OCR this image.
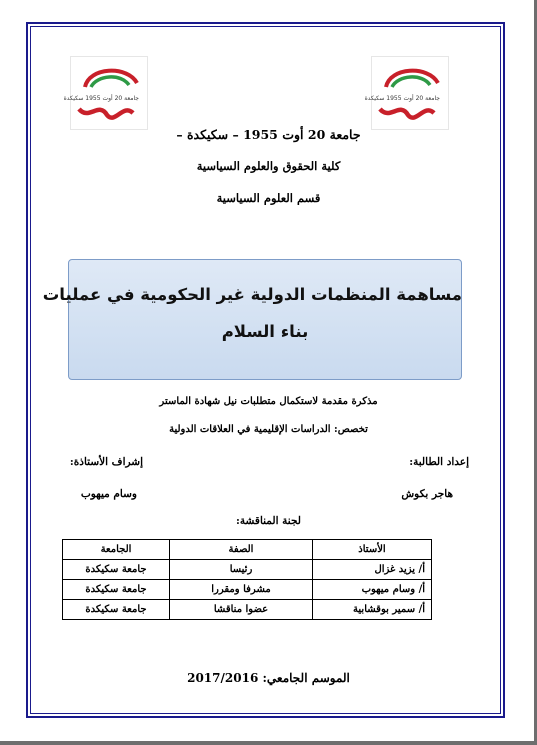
جامعة 20 أوت 1955 سكيكدة	جامعة 20 أوت 1955 سكيكدة
جامعة 20 أوت 1955 – سكيكدة –
كلية الحقوق والعلوم السياسية
قسم العلوم السياسية
مساهمة المنظمات الدولية غير الحكومية في عمليات
بناء السلام
مذكرة مقدمة لاستكمال متطلبات نيل شهادة الماستر
تخصص: الدراسات الإقليمية في العلاقات الدولية
إعداد الطالبة:
هاجر بكوش
إشراف الأستاذة:
وسام ميهوب
لجنة المناقشة:
الأستاذ	الصفة	الجامعة
أ/ يزيد غزال	رئيسا	جامعة سكيكدة
أ/ وسام ميهوب	مشرفا ومقررا	جامعة سكيكدة
أ/ سمير بوقشابية	عضوا مناقشا	جامعة سكيكدة
الموسم الجامعي: 2017/2016
